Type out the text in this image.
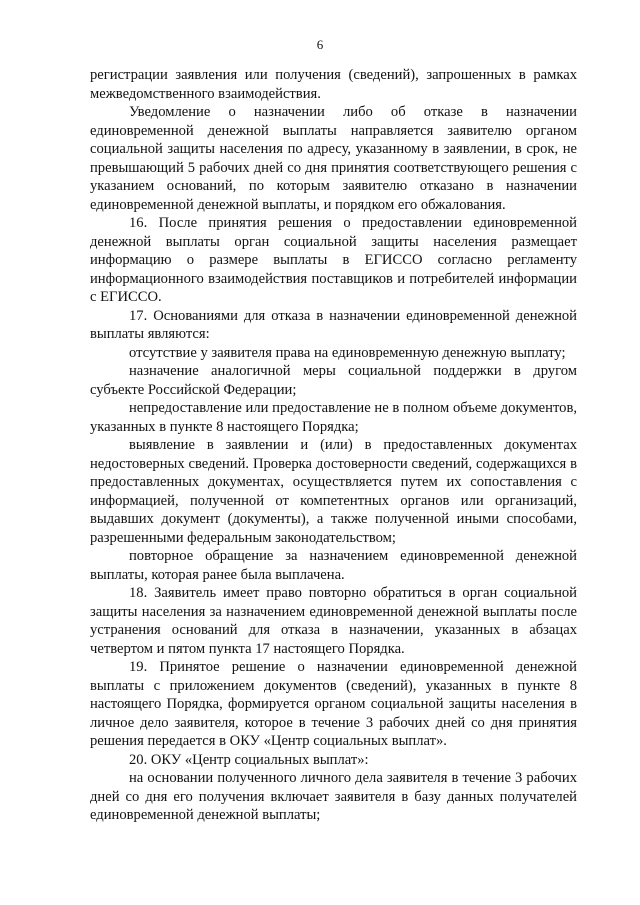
6

регистрации заявления или получения (сведений), запрошенных в рамках межведомственного взаимодействия.

Уведомление о назначении либо об отказе в назначении единовременной денежной выплаты направляется заявителю органом социальной защиты населения по адресу, указанному в заявлении, в срок, не превышающий 5 рабочих дней со дня принятия соответствующего решения с указанием оснований, по которым заявителю отказано в назначении единовременной денежной выплаты, и порядком его обжалования.

16. После принятия решения о предоставлении единовременной денежной выплаты орган социальной защиты населения размещает информацию о размере выплаты в ЕГИССО согласно регламенту информационного взаимодействия поставщиков и потребителей информации с ЕГИССО.

17. Основаниями для отказа в назначении единовременной денежной выплаты являются:

отсутствие у заявителя права на единовременную денежную выплату;

назначение аналогичной меры социальной поддержки в другом субъекте Российской Федерации;

непредоставление или предоставление не в полном объеме документов, указанных в пункте 8 настоящего Порядка;

выявление в заявлении и (или) в предоставленных документах недостоверных сведений. Проверка достоверности сведений, содержащихся в предоставленных документах, осуществляется путем их сопоставления с информацией, полученной от компетентных органов или организаций, выдавших документ (документы), а также полученной иными способами, разрешенными федеральным законодательством;

повторное обращение за назначением единовременной денежной выплаты, которая ранее была выплачена.

18. Заявитель имеет право повторно обратиться в орган социальной защиты населения за назначением единовременной денежной выплаты после устранения оснований для отказа в назначении, указанных в абзацах четвертом и пятом пункта 17 настоящего Порядка.

19. Принятое решение о назначении единовременной денежной выплаты с приложением документов (сведений), указанных в пункте 8 настоящего Порядка, формируется органом социальной защиты населения в личное дело заявителя, которое в течение 3 рабочих дней со дня принятия решения передается в ОКУ «Центр социальных выплат».

20. ОКУ «Центр социальных выплат»:

на основании полученного личного дела заявителя в течение 3 рабочих дней со дня его получения включает заявителя в базу данных получателей единовременной денежной выплаты;
